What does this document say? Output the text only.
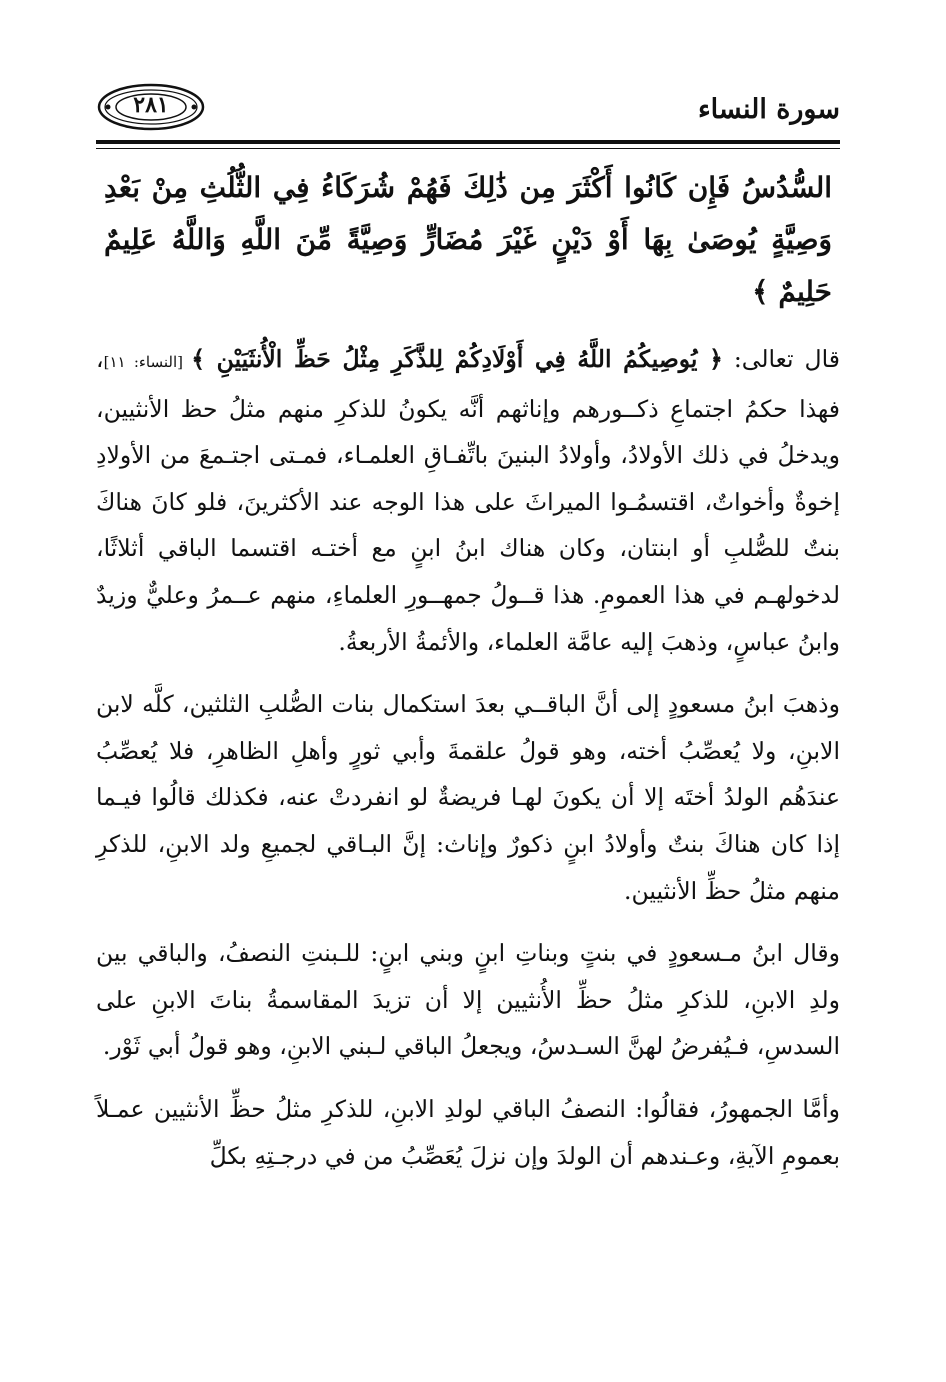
سورة النساء
٢٨١
السُّدُسُ فَإِن كَانُوا أَكْثَرَ مِن ذَٰلِكَ فَهُمْ شُرَكَاءُ فِي الثُّلُثِ مِنْ بَعْدِ وَصِيَّةٍ يُوصَىٰ بِهَا أَوْ دَيْنٍ غَيْرَ مُضَارٍّ وَصِيَّةً مِّنَ اللَّهِ وَاللَّهُ عَلِيمٌ حَلِيمٌ ﴾

قال تعالى: ﴿ يُوصِيكُمُ اللَّهُ فِي أَوْلَادِكُمْ لِلذَّكَرِ مِثْلُ حَظِّ الْأُنثَيَيْنِ ﴾ [النساء: ١١]، فهذا حكمُ اجتماعِ ذكــورهم وإناثهم أنَّه يكونُ للذكرِ منهم مثلُ حظ الأنثيين، ويدخلُ في ذلك الأولادُ، وأولادُ البنينَ باتِّفـاقِ العلمـاء، فمـتى اجتـمعَ من الأولادِ إخوةٌ وأخواتٌ، اقتسمُـوا الميراثَ على هذا الوجه عند الأكثرينَ، فلو كانَ هناكَ بنتٌ للصُّلبِ أو ابنتان، وكان هناك ابنُ ابنٍ مع أختـه اقتسما الباقي أثلاثًا، لدخولهـم في هذا العمومِ. هذا قــولُ جمهــورِ العلماءِ، منهم عــمرُ وعليٌّ وزيدٌ وابنُ عباسٍ، وذهبَ إليه عامَّة العلماء، والأئمةُ الأربعةُ.

وذهبَ ابنُ مسعودٍ إلى أنَّ الباقــي بعدَ استكمال بنات الصُّلبِ الثلثين، كلَّه لابن الابنِ، ولا يُعصِّبُ أخته، وهو قولُ علقمةَ وأبي ثورٍ وأهلِ الظاهرِ، فلا يُعصِّبُ عندَهُم الولدُ أختَه إلا أن يكونَ لهـا فريضةٌ لو انفردتْ عنه، فكذلك قالُوا فيـما إذا كان هناكَ بنتٌ وأولادُ ابنٍ ذكورٌ وإناث: إنَّ البـاقي لجميعِ ولد الابنِ، للذكرِ منهم مثلُ حظِّ الأنثيين.

وقال ابنُ مـسعودٍ في بنتٍ وبناتِ ابنٍ وبني ابنٍ: للـبنتِ النصفُ، والباقي بين ولدِ الابنِ، للذكرِ مثلُ حظِّ الأُنثيين إلا أن تزيدَ المقاسمةُ بناتَ الابنِ على السدسِ، فـيُفرضُ لهنَّ السـدسُ، ويجعلُ الباقي لـبني الابنِ، وهو قولُ أبي ثَوْر.

وأمَّا الجمهورُ، فقالُوا: النصفُ الباقي لولدِ الابنِ، للذكرِ مثلُ حظِّ الأنثيين عمـلاً بعمومِ الآيةِ، وعـندهم أن الولدَ وإن نزلَ يُعَصِّبُ من في درجـتِهِ بكلِّ
